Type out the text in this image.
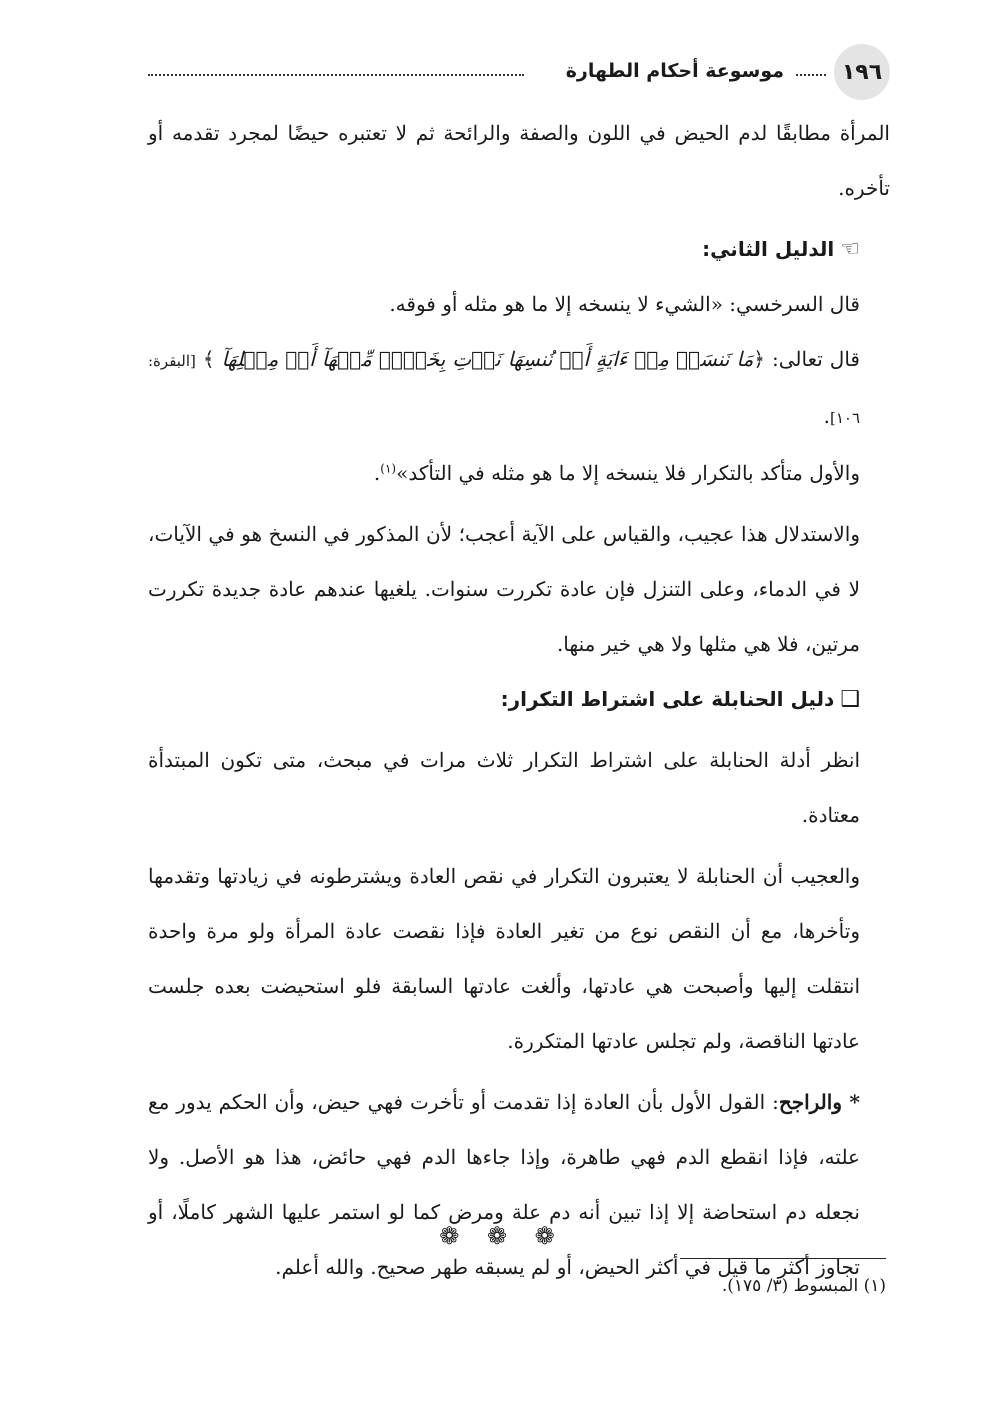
١٩٦
موسوعة أحكام الطهارة

المرأة مطابقًا لدم الحيض في اللون والصفة والرائحة ثم لا تعتبره حيضًا لمجرد تقدمه أو تأخره.

☜الدليل الثاني:

قال السرخسي: «الشيء لا ينسخه إلا ما هو مثله أو فوقه.

قال تعالى: ﴿مَا نَنسَخۡ مِنۡ ءَايَةٍ أَوۡ نُنسِهَا نَأۡتِ بِخَيۡرٖ مِّنۡهَآ أَوۡ مِثۡلِهَآ ﴾ [البقرة: ١٠٦].

والأول متأكد بالتكرار فلا ينسخه إلا ما هو مثله في التأكد»$^{(١)}$.

والاستدلال هذا عجيب، والقياس على الآية أعجب؛ لأن المذكور في النسخ هو في الآيات، لا في الدماء، وعلى التنزل فإن عادة تكررت سنوات. يلغيها عندهم عادة جديدة تكررت مرتين، فلا هي مثلها ولا هي خير منها.

❑دليل الحنابلة على اشتراط التكرار:

انظر أدلة الحنابلة على اشتراط التكرار ثلاث مرات في مبحث، متى تكون المبتدأة معتادة.

والعجيب أن الحنابلة لا يعتبرون التكرار في نقص العادة ويشترطونه في زيادتها وتقدمها وتأخرها، مع أن النقص نوع من تغير العادة فإذا نقصت عادة المرأة ولو مرة واحدة انتقلت إليها وأصبحت هي عادتها، وألغت عادتها السابقة فلو استحيضت بعده جلست عادتها الناقصة، ولم تجلس عادتها المتكررة.

* والراجح: القول الأول بأن العادة إذا تقدمت أو تأخرت فهي حيض، وأن الحكم يدور مع علته، فإذا انقطع الدم فهي طاهرة، وإذا جاءها الدم فهي حائض، هذا هو الأصل. ولا نجعله دم استحاضة إلا إذا تبين أنه دم علة ومرض كما لو استمر عليها الشهر كاملًا، أو تجاوز أكثر ما قيل في أكثر الحيض، أو لم يسبقه طهر صحيح. والله أعلم.

❁ ❁ ❁
(١) المبسوط (٣/ ١٧٥).
